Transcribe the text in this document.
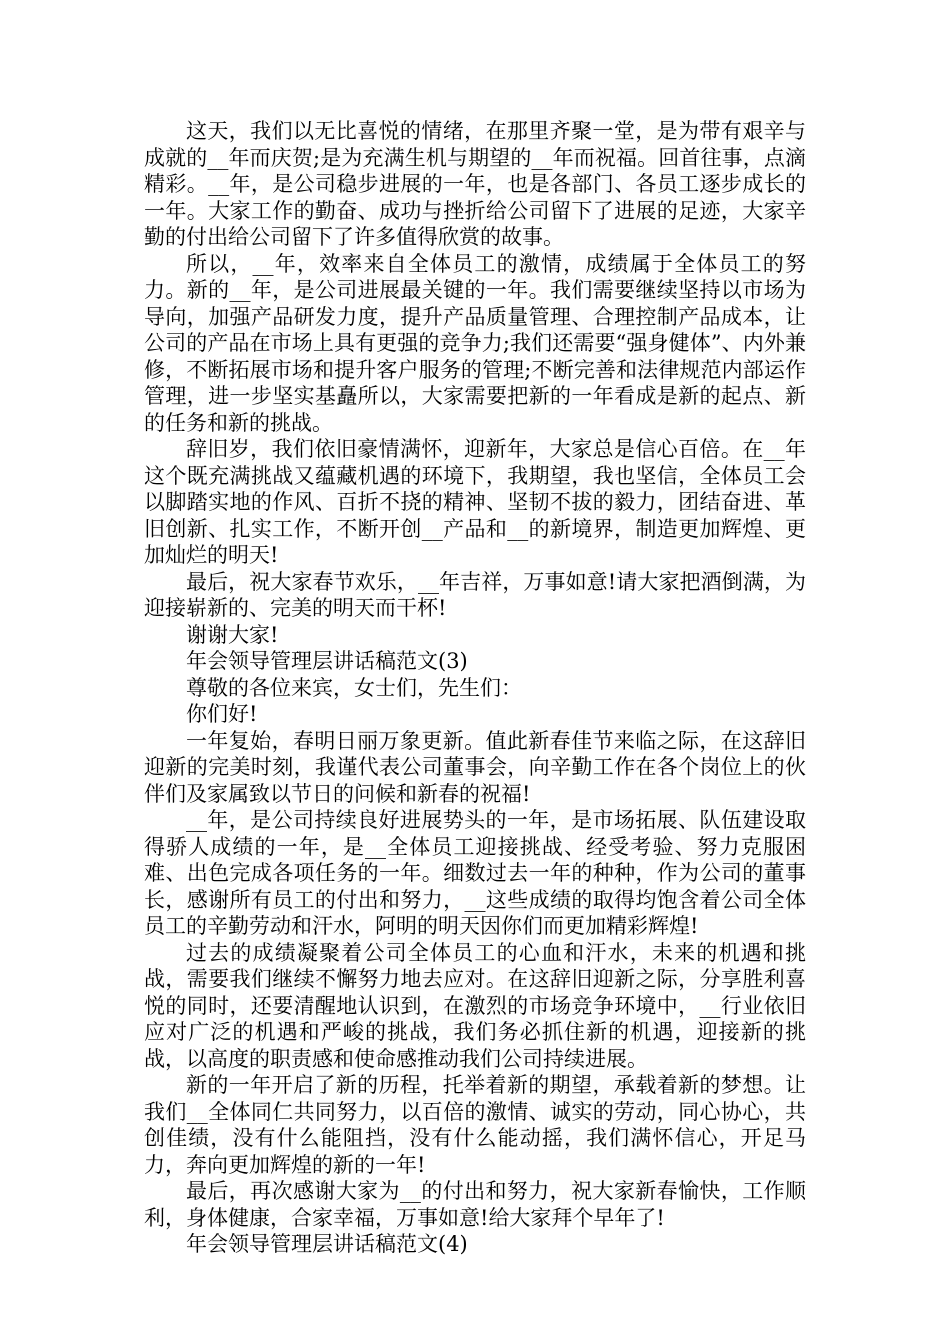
这天，我们以无比喜悦的情绪，在那里齐聚一堂，是为带有艰辛与成就的__年而庆贺;是为充满生机与期望的__年而祝福。回首往事，点滴精彩。__年，是公司稳步进展的一年，也是各部门、各员工逐步成长的一年。大家工作的勤奋、成功与挫折给公司留下了进展的足迹，大家辛勤的付出给公司留下了许多值得欣赏的故事。

所以，__年，效率来自全体员工的激情，成绩属于全体员工的努力。新的__年，是公司进展最关键的一年。我们需要继续坚持以市场为导向，加强产品研发力度，提升产品质量管理、合理控制产品成本，让公司的产品在市场上具有更强的竞争力;我们还需要“强身健体”、内外兼修，不断拓展市场和提升客户服务的管理;不断完善和法律规范内部运作管理，进一步坚实基矗所以，大家需要把新的一年看成是新的起点、新的任务和新的挑战。

辞旧岁，我们依旧豪情满怀，迎新年，大家总是信心百倍。在__年这个既充满挑战又蕴藏机遇的环境下，我期望，我也坚信，全体员工会以脚踏实地的作风、百折不挠的精神、坚韧不拔的毅力，团结奋进、革旧创新、扎实工作，不断开创__产品和__的新境界，制造更加辉煌、更加灿烂的明天!

最后，祝大家春节欢乐，__年吉祥，万事如意!请大家把酒倒满，为迎接崭新的、完美的明天而干杯!

谢谢大家!

年会领导管理层讲话稿范文(3)

尊敬的各位来宾，女士们，先生们：

你们好!

一年复始，春明日丽万象更新。值此新春佳节来临之际，在这辞旧迎新的完美时刻，我谨代表公司董事会，向辛勤工作在各个岗位上的伙伴们及家属致以节日的问候和新春的祝福!

__年，是公司持续良好进展势头的一年，是市场拓展、队伍建设取得骄人成绩的一年，是__全体员工迎接挑战、经受考验、努力克服困难、出色完成各项任务的一年。细数过去一年的种种，作为公司的董事长，感谢所有员工的付出和努力，__这些成绩的取得均饱含着公司全体员工的辛勤劳动和汗水，阿明的明天因你们而更加精彩辉煌!

过去的成绩凝聚着公司全体员工的心血和汗水，未来的机遇和挑战，需要我们继续不懈努力地去应对。在这辞旧迎新之际，分享胜利喜悦的同时，还要清醒地认识到，在激烈的市场竞争环境中，__行业依旧应对广泛的机遇和严峻的挑战，我们务必抓住新的机遇，迎接新的挑战，以高度的职责感和使命感推动我们公司持续进展。

新的一年开启了新的历程，托举着新的期望，承载着新的梦想。让我们__全体同仁共同努力，以百倍的激情、诚实的劳动，同心协心，共创佳绩，没有什么能阻挡，没有什么能动摇，我们满怀信心，开足马力，奔向更加辉煌的新的一年!

最后，再次感谢大家为__的付出和努力，祝大家新春愉快，工作顺利，身体健康，合家幸福，万事如意!给大家拜个早年了!

年会领导管理层讲话稿范文(4)
